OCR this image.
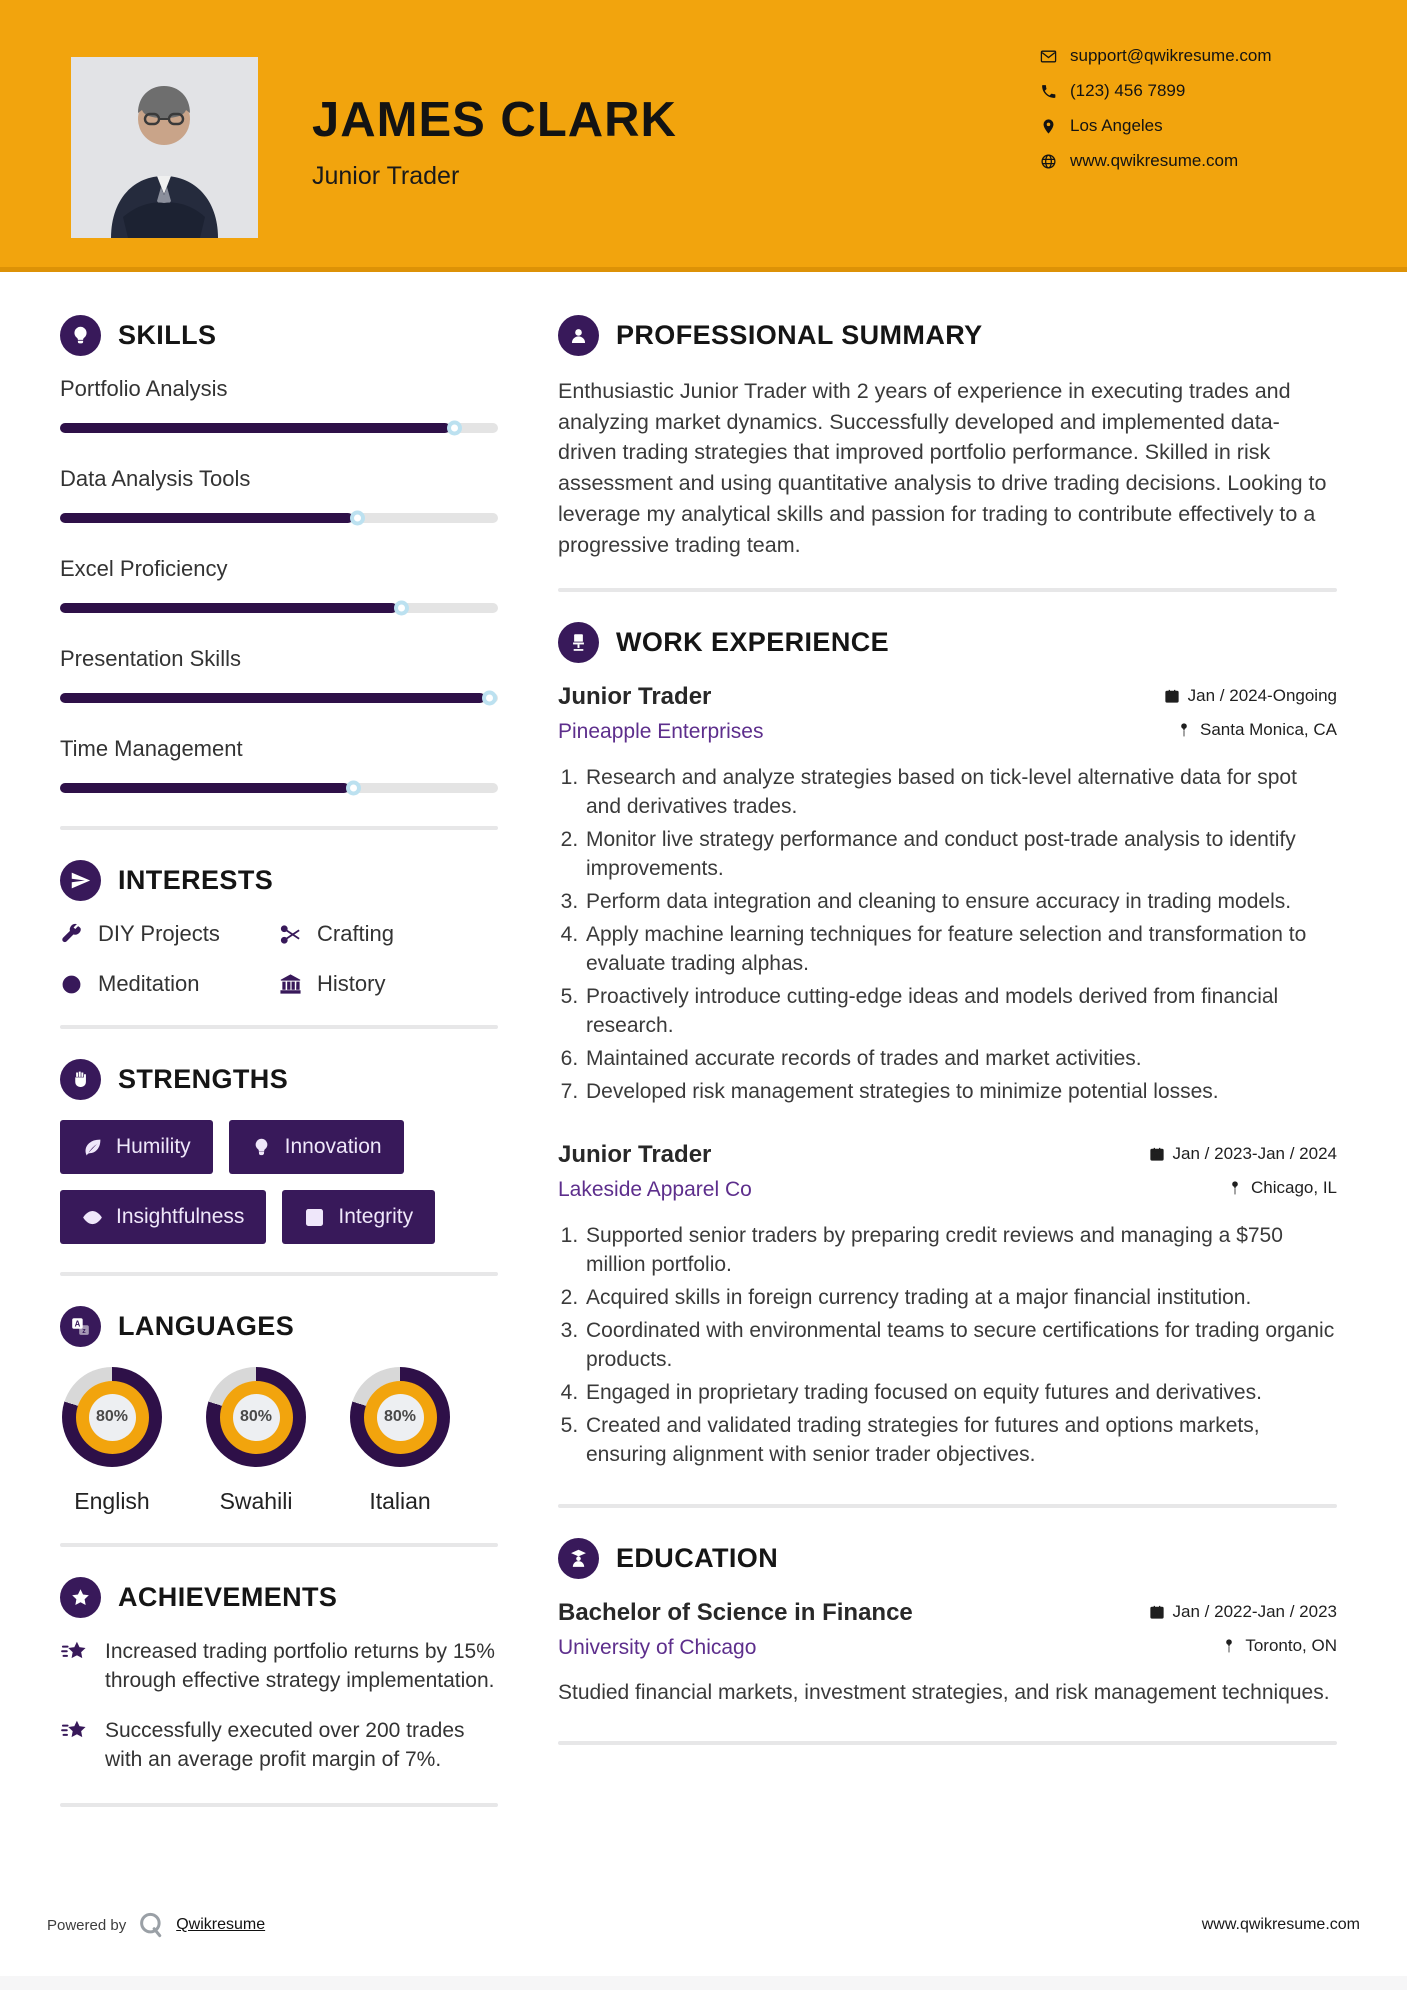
JAMES CLARK
Junior Trader
support@qwikresume.com
(123) 456 7899
Los Angeles
www.qwikresume.com
SKILLS
Portfolio Analysis
Data Analysis Tools
Excel Proficiency
Presentation Skills
Time Management
INTERESTS
DIY Projects	Crafting
Meditation	History
STRENGTHS
Humility	Innovation
Insightfulness	Integrity
A
z LANGUAGES
80%
English
80%
Swahili
80%
Italian
ACHIEVEMENTS
Increased trading portfolio returns by 15% through effective strategy implementation.
Successfully executed over 200 trades with an average profit margin of 7%.
PROFESSIONAL SUMMARY

Enthusiastic Junior Trader with 2 years of experience in executing trades and analyzing market dynamics. Successfully developed and implemented data-driven trading strategies that improved portfolio performance. Skilled in risk assessment and using quantitative analysis to drive trading decisions. Looking to leverage my analytical skills and passion for trading to contribute effectively to a progressive trading team.

WORK EXPERIENCE
Junior Trader	Jan / 2024-Ongoing
Pineapple Enterprises	Santa Monica, CA
1. Research and analyze strategies based on tick-level alternative data for spot and derivatives trades.
2. Monitor live strategy performance and conduct post-trade analysis to identify improvements.
3. Perform data integration and cleaning to ensure accuracy in trading models.
4. Apply machine learning techniques for feature selection and transformation to evaluate trading alphas.
5. Proactively introduce cutting-edge ideas and models derived from financial research.
6. Maintained accurate records of trades and market activities.
7. Developed risk management strategies to minimize potential losses.
Junior Trader	Jan / 2023-Jan / 2024
Lakeside Apparel Co	Chicago, IL
1. Supported senior traders by preparing credit reviews and managing a $750 million portfolio.
2. Acquired skills in foreign currency trading at a major financial institution.
3. Coordinated with environmental teams to secure certifications for trading organic products.
4. Engaged in proprietary trading focused on equity futures and derivatives.
5. Created and validated trading strategies for futures and options markets, ensuring alignment with senior trader objectives.
EDUCATION
Bachelor of Science in Finance	Jan / 2022-Jan / 2023
University of Chicago	Toronto, ON

Studied financial markets, investment strategies, and risk management techniques.

Powered by	Qwikresume	www.qwikresume.com
